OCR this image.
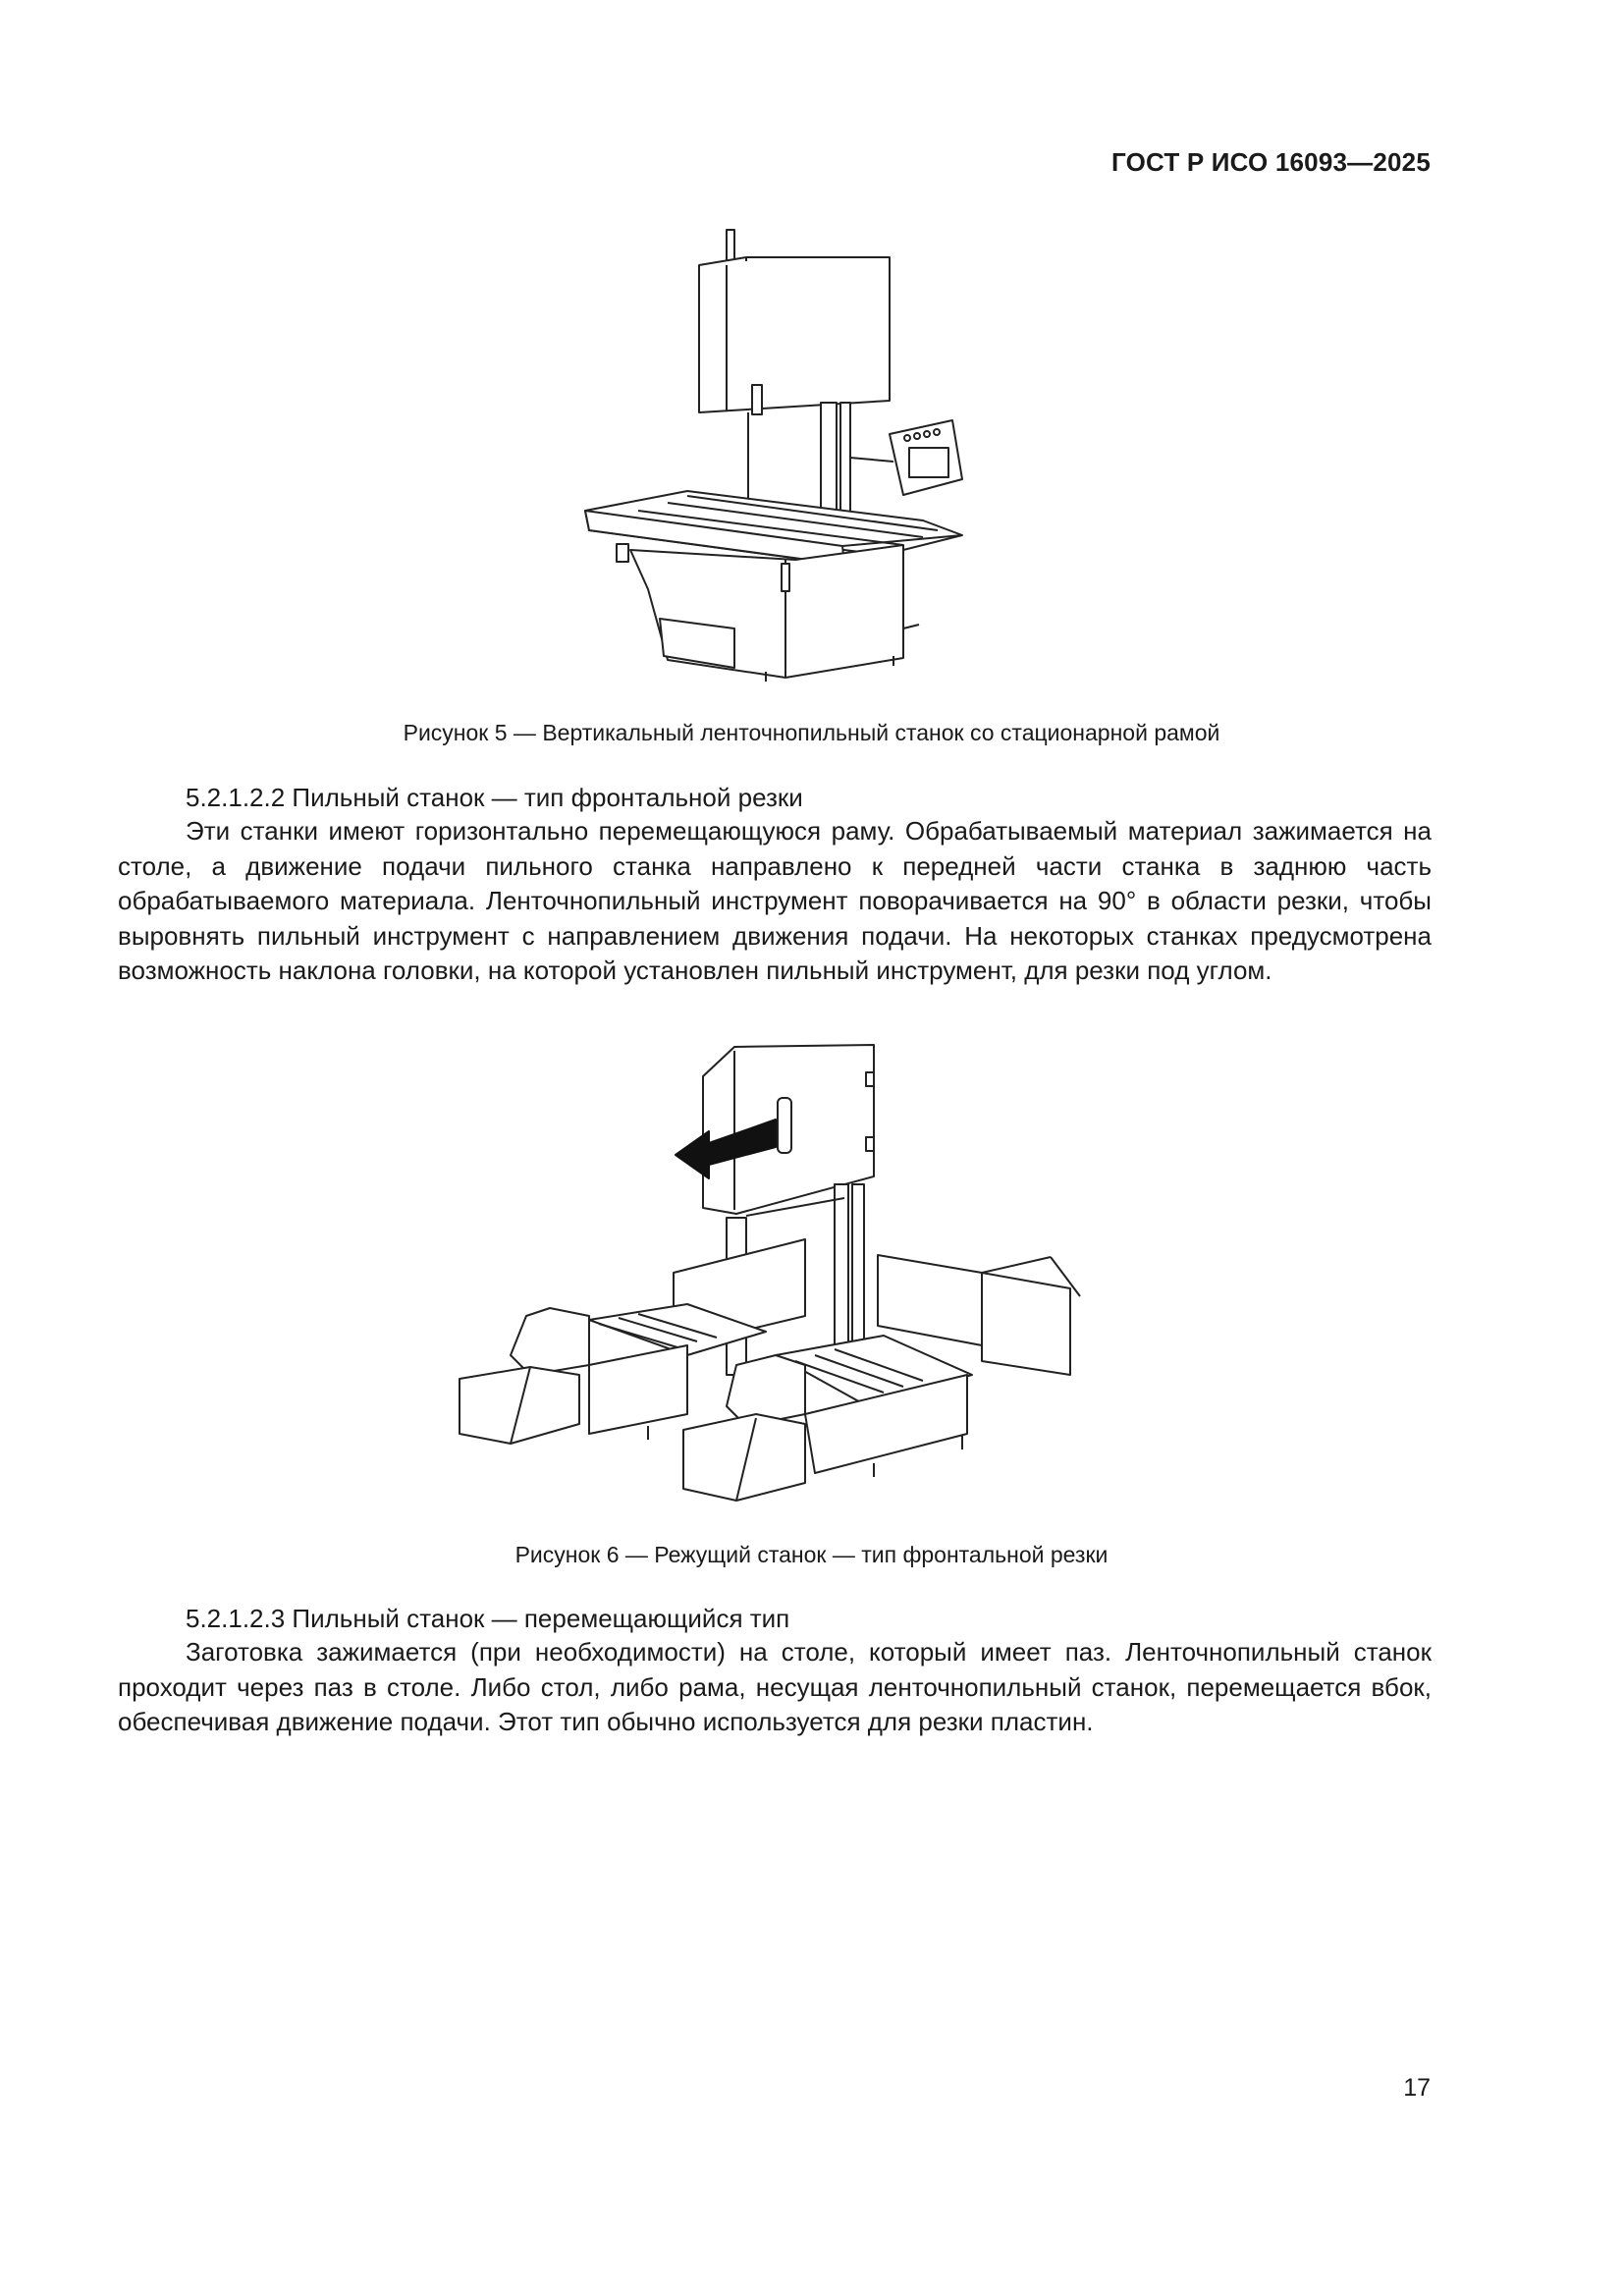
ГОСТ Р ИСО 16093—2025
Рисунок 5 — Вертикальный ленточнопильный станок со стационарной рамой
5.2.1.2.2 Пильный станок — тип фронтальной резки

Эти станки имеют горизонтально перемещающуюся раму. Обрабатываемый материал зажимается на столе, а движение подачи пильного станка направлено к передней части станка в заднюю часть обрабатываемого материала. Ленточнопильный инструмент поворачивается на 90° в области резки, чтобы выровнять пильный инструмент с направлением движения подачи. На некоторых станках предусмотрена возможность наклона головки, на которой установлен пильный инструмент, для резки под углом.

Рисунок 6 — Режущий станок — тип фронтальной резки
5.2.1.2.3 Пильный станок — перемещающийся тип

Заготовка зажимается (при необходимости) на столе, который имеет паз. Ленточнопильный станок проходит через паз в столе. Либо стол, либо рама, несущая ленточнопильный станок, перемещается вбок, обеспечивая движение подачи. Этот тип обычно используется для резки пластин.

17
